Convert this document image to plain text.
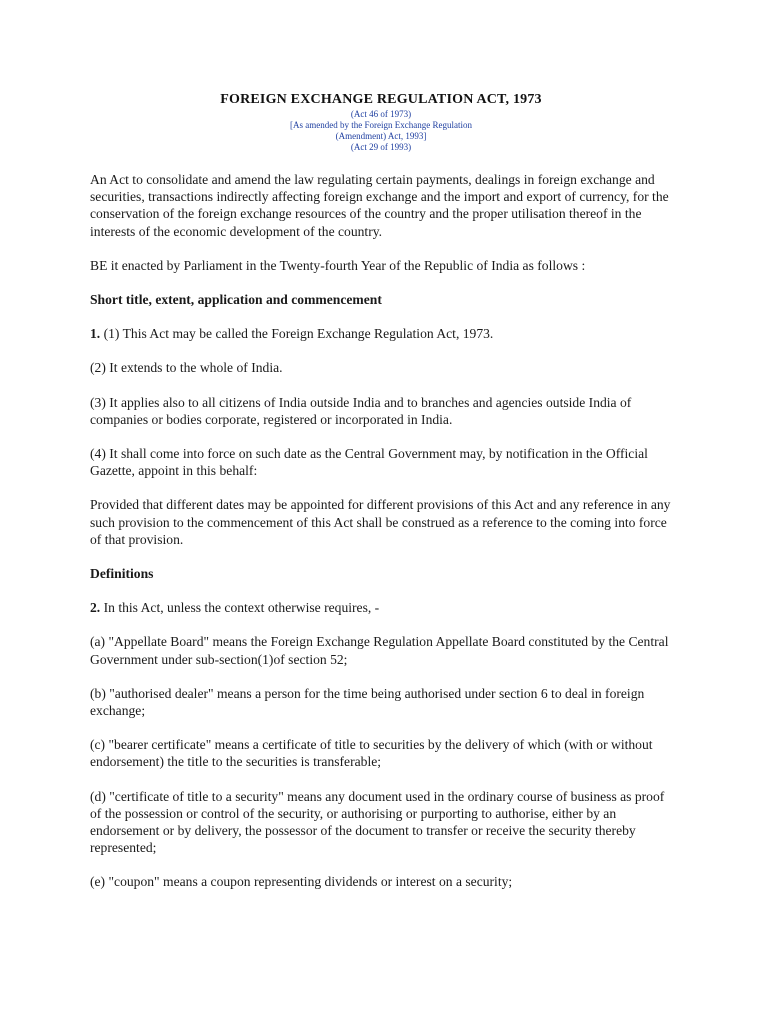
FOREIGN EXCHANGE REGULATION ACT, 1973
(Act 46 of 1973)
[As amended by the Foreign Exchange Regulation
(Amendment) Act, 1993]
(Act 29 of 1993)

An Act to consolidate and amend the law regulating certain payments, dealings in foreign exchange and securities, transactions indirectly affecting foreign exchange and the import and export of currency, for the conservation of the foreign exchange resources of the country and the proper utilisation thereof in the interests of the economic development of the country.

BE it enacted by Parliament in the Twenty-fourth Year of the Republic of India as follows :

Short title, extent, application and commencement

1. (1) This Act may be called the Foreign Exchange Regulation Act, 1973.

(2) It extends to the whole of India.

(3) It applies also to all citizens of India outside India and to branches and agencies outside India of companies or bodies corporate, registered or incorporated in India.

(4) It shall come into force on such date as the Central Government may, by notification in the Official Gazette, appoint in this behalf:

Provided that different dates may be appointed for different provisions of this Act and any reference in any such provision to the commencement of this Act shall be construed as a reference to the coming into force of that provision.

Definitions

2. In this Act, unless the context otherwise requires, -

(a) "Appellate Board" means the Foreign Exchange Regulation Appellate Board constituted by the Central Government under sub-section(1)of section 52;

(b) "authorised dealer" means a person for the time being authorised under section 6 to deal in foreign exchange;

(c) "bearer certificate" means a certificate of title to securities by the delivery of which (with or without endorsement) the title to the securities is transferable;

(d) "certificate of title to a security" means any document used in the ordinary course of business as proof of the possession or control of the security, or authorising or purporting to authorise, either by an endorsement or by delivery, the possessor of the document to transfer or receive the security thereby represented;

(e) "coupon" means a coupon representing dividends or interest on a security;
